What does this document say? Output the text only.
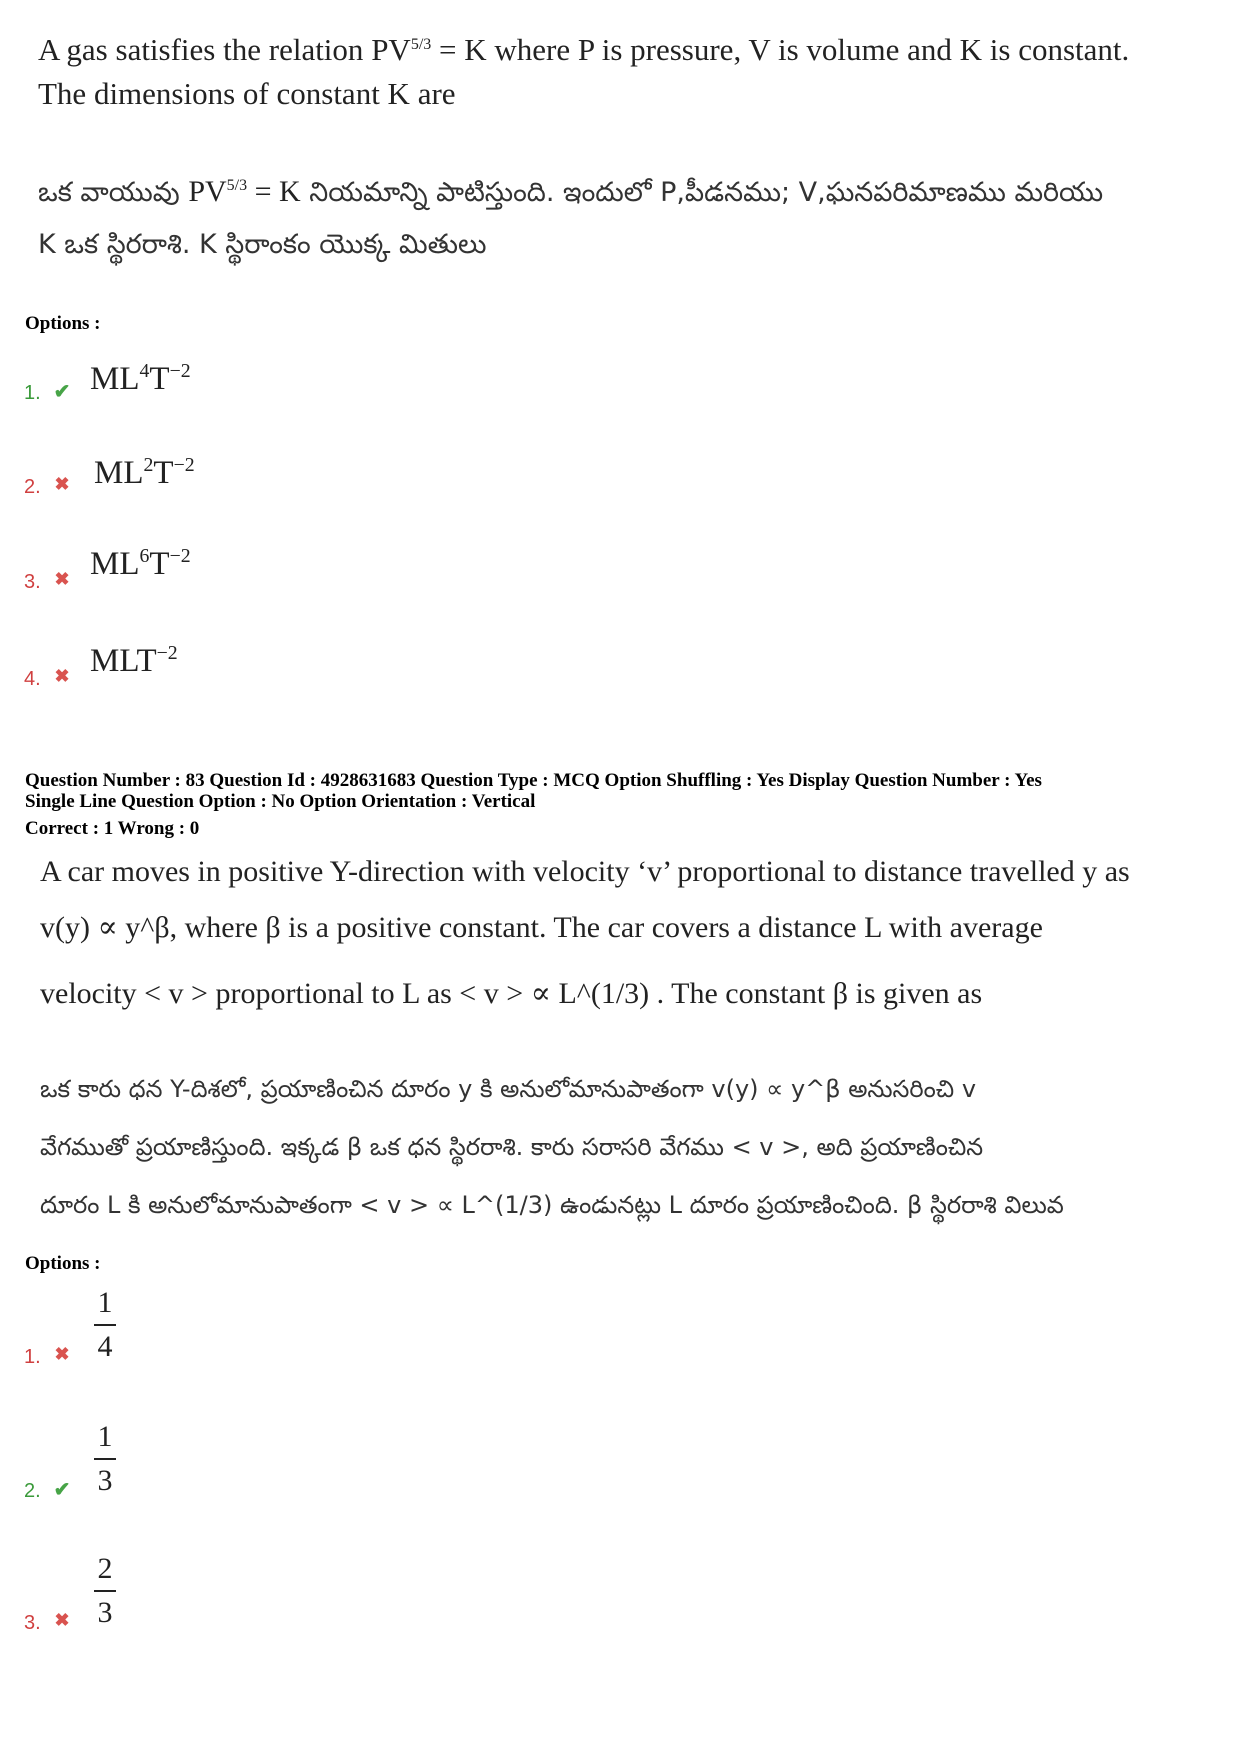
A gas satisfies the relation PV5/3 = K where P is pressure, V is volume and K is constant.
The dimensions of constant K are
ఒక వాయువు PV5/3 = K నియమాన్ని పాటిస్తుంది. ఇందులో P,పీడనము; V,ఘనపరిమాణము మరియు
K ఒక స్థిరరాశి. K స్థిరాంకం యొక్క మితులు
Options :
1. ✔ $ML^4T^{-2}$
2. ✖ $ML^2T^{-2}$
3. ✖ $ML^6T^{-2}$
4. ✖ $MLT^{-2}$
Question Number : 83 Question Id : 4928631683 Question Type : MCQ Option Shuffling : Yes Display Question Number : Yes
Single Line Question Option : No Option Orientation : Vertical
Correct : 1 Wrong : 0
A car moves in positive Y-direction with velocity ‘v’ proportional to distance travelled y as
v(y) ∝ y^β, where β is a positive constant. The car covers a distance L with average
velocity < v > proportional to L as < v > ∝ L^(1/3) . The constant β is given as
ఒక కారు ధన Y-దిశలో, ప్రయాణించిన దూరం y కి అనులోమానుపాతంగా v(y) ∝ y^β అనుసరించి v
వేగముతో ప్రయాణిస్తుంది. ఇక్కడ β ఒక ధన స్థిరరాశి. కారు సరాసరి వేగము < v >, అది ప్రయాణించిన
దూరం L కి అనులోమానుపాతంగా < v > ∝ L^(1/3) ఉండునట్లు L దూరం ప్రయాణించింది. β స్థిరరాశి విలువ
Options :
1. ✖
1
4
2. ✔
1
3
3. ✖
2
3
